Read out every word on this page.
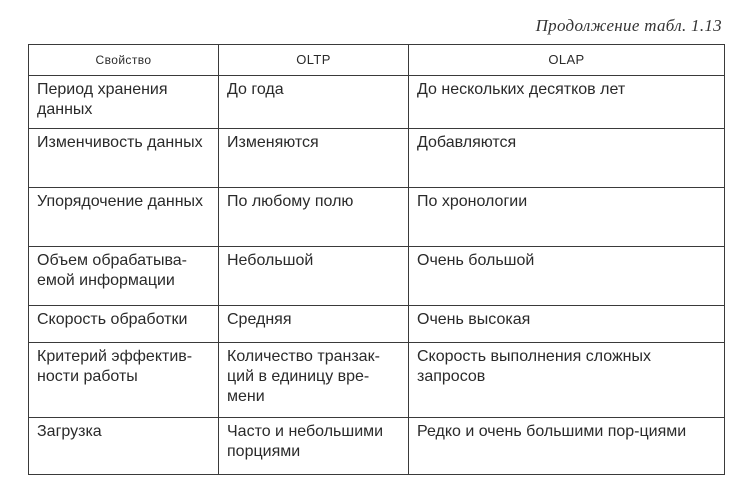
Продолжение табл. 1.13
Свойство	OLTP	OLAP
Период хранения данных	До года	До нескольких десятков лет
Изменчивость данных	Изменяются	Добавляются
Упорядочение данных	По любому полю	По хронологии
Объем обрабатыва-емой информации	Небольшой	Очень большой
Скорость обработки	Средняя	Очень высокая
Критерий эффектив-ности работы	Количество транзак-ций в единицу вре-мени	Скорость выполнения сложных запросов
Загрузка	Часто и небольшими порциями	Редко и очень большими пор-циями
